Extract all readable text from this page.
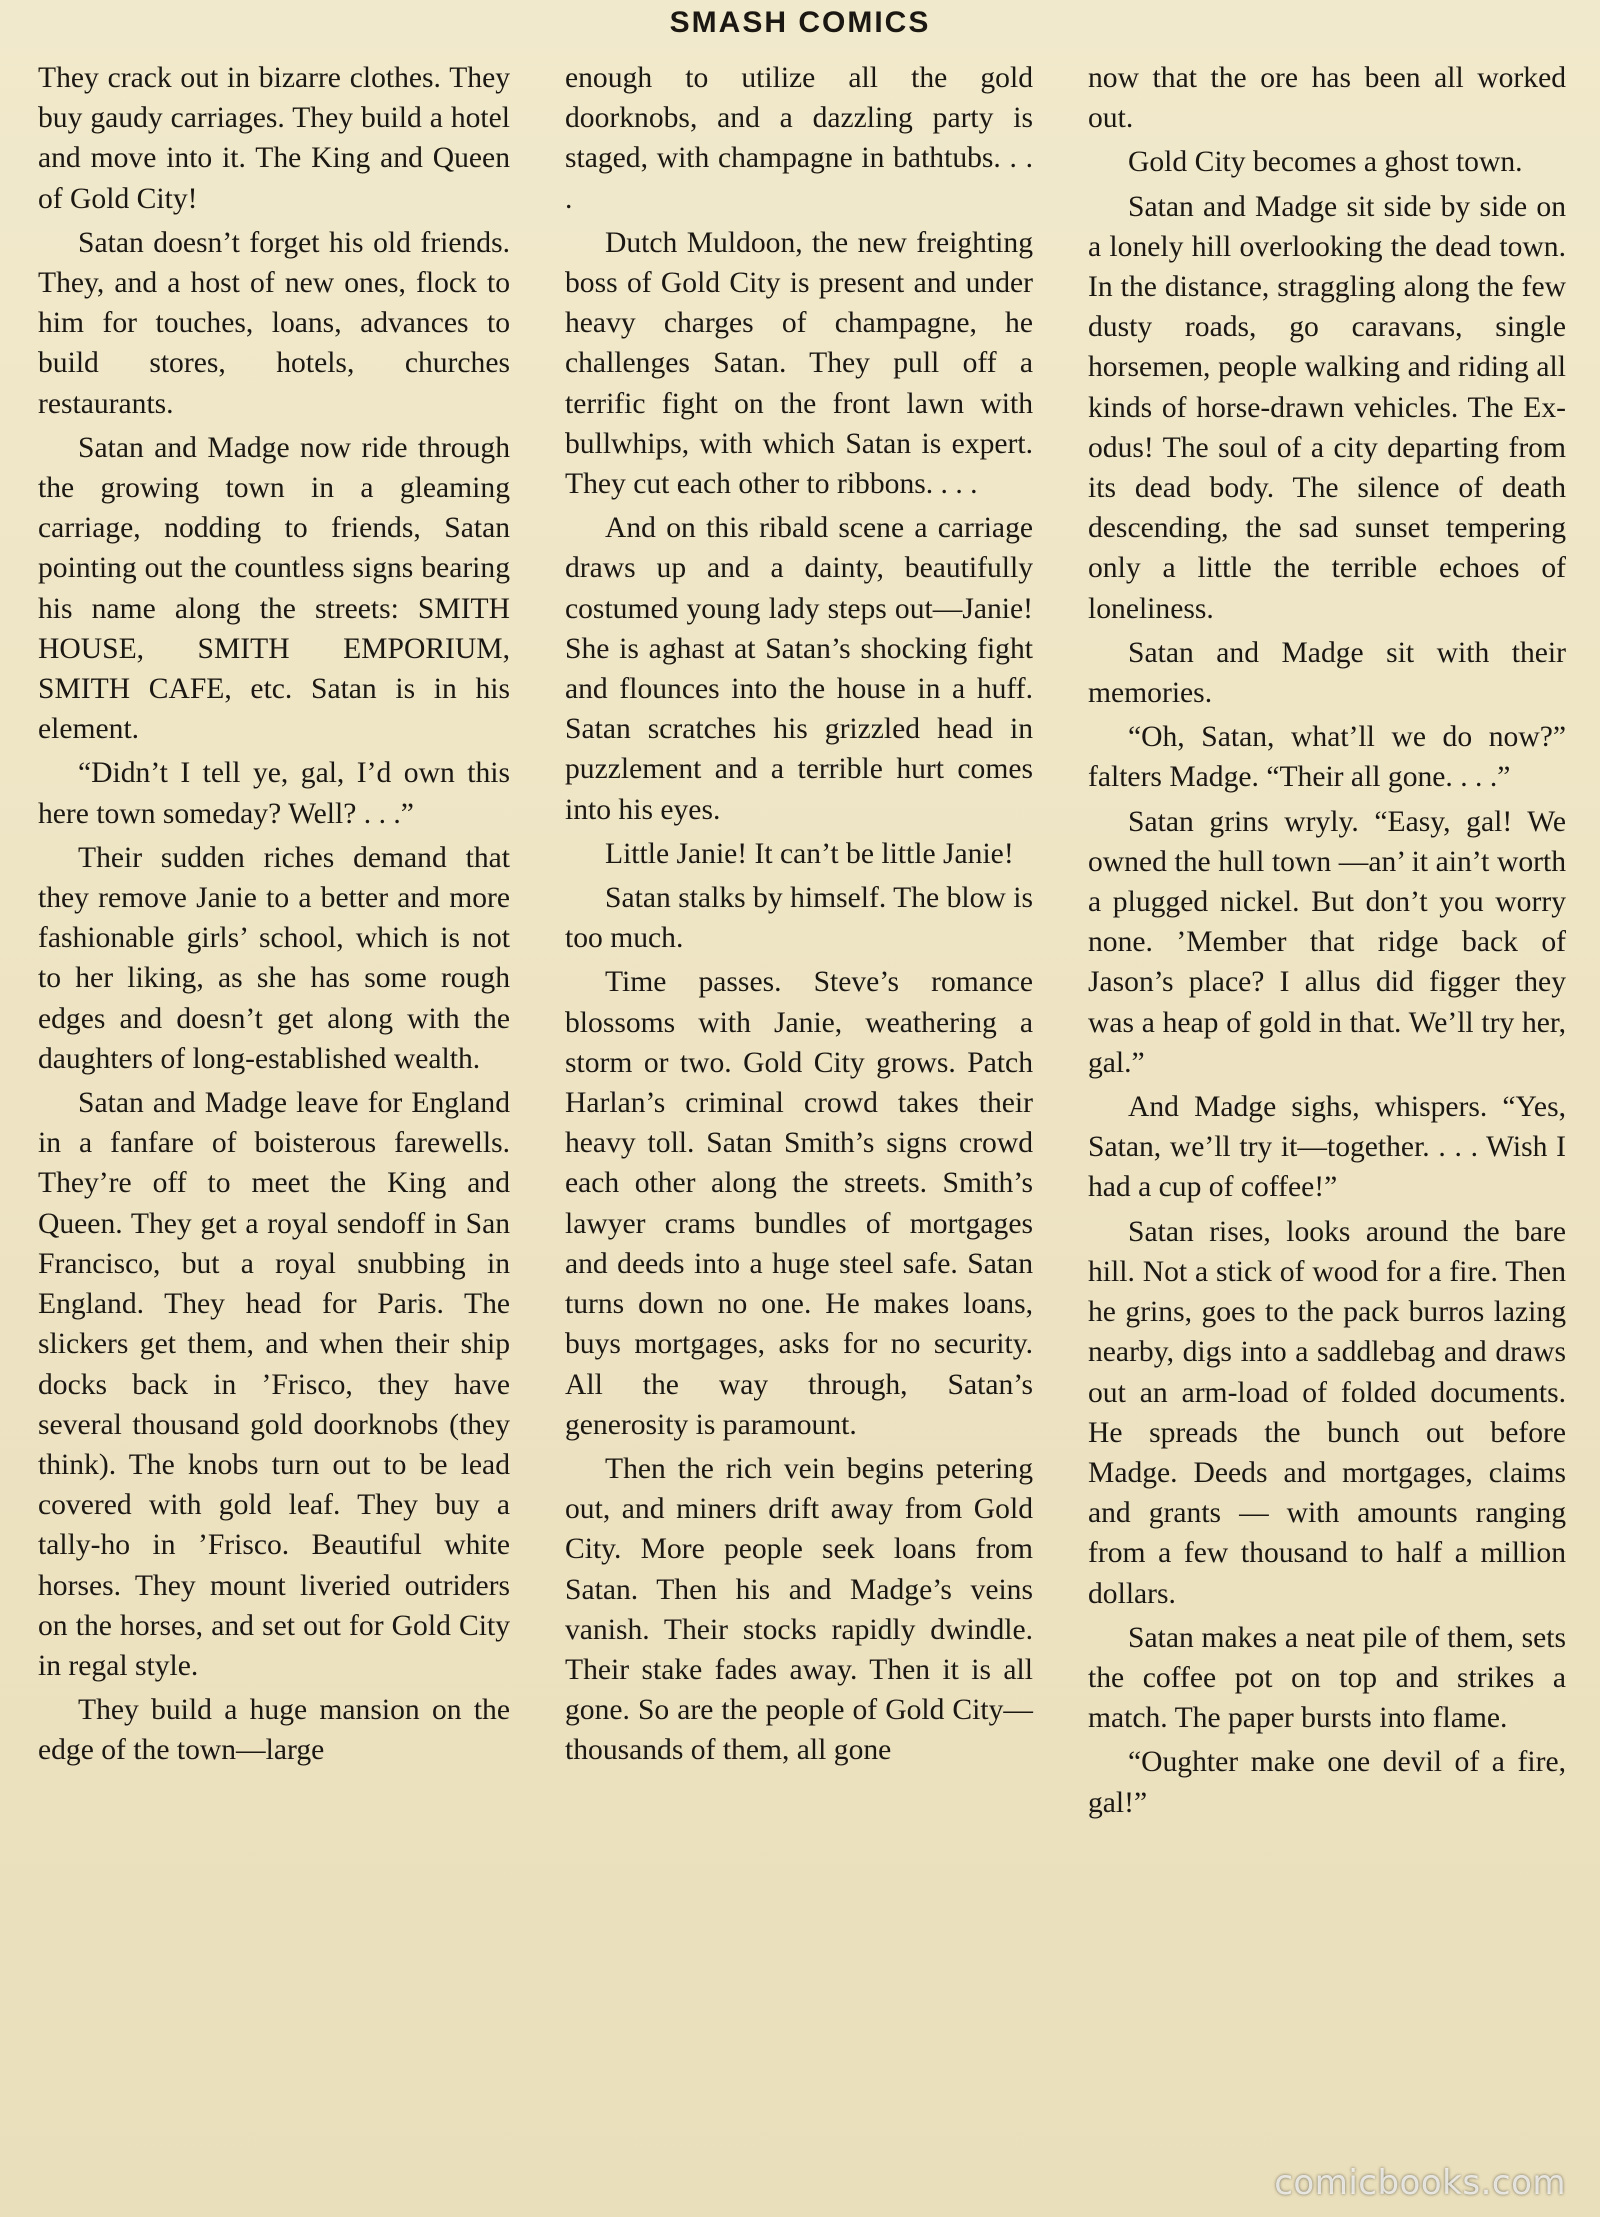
SMASH COMICS

They crack out in bizarre clothes. They buy gaudy carriages. They build a hotel and move into it. The King and Queen of Gold City!

Satan doesn’t forget his old friends. They, and a host of new ones, flock to him for touches, loans, advances to build stores, hotels, churches restaurants.

Satan and Madge now ride through the growing town in a gleaming carriage, nodding to friends, Satan pointing out the countless signs bearing his name along the streets: SMITH HOUSE, SMITH EMPORIUM, SMITH CAFE, etc. Satan is in his element.

“Didn’t I tell ye, gal, I’d own this here town someday? Well? . . .”

Their sudden riches demand that they remove Janie to a better and more fashionable girls’ school, which is not to her liking, as she has some rough edges and doesn’t get along with the daughters of long-established wealth.

Satan and Madge leave for England in a fanfare of boisterous farewells. They’re off to meet the King and Queen. They get a royal sendoff in San Francisco, but a royal snubbing in England. They head for Paris. The slickers get them, and when their ship docks back in ’Frisco, they have several thousand gold doorknobs (they think). The knobs turn out to be lead covered with gold leaf. They buy a tally-ho in ’Frisco. Beautiful white horses. They mount liveried outriders on the horses, and set out for Gold City in regal style.

They build a huge mansion on the edge of the town—large

enough to utilize all the gold doorknobs, and a dazzling party is staged, with champagne in bathtubs. . . .

Dutch Muldoon, the new freighting boss of Gold City is present and under heavy charges of champagne, he challenges Satan. They pull off a terrific fight on the front lawn with bullwhips, with which Satan is expert. They cut each other to ribbons. . . .

And on this ribald scene a carriage draws up and a dainty, beautifully costumed young lady steps out—Janie! She is aghast at Satan’s shocking fight and flounces into the house in a huff. Satan scratches his grizzled head in puzzlement and a terrible hurt comes into his eyes.

Little Janie! It can’t be little Janie!

Satan stalks by himself. The blow is too much.

Time passes. Steve’s romance blossoms with Janie, weathering a storm or two. Gold City grows. Patch Harlan’s criminal crowd takes their heavy toll. Satan Smith’s signs crowd each other along the streets. Smith’s lawyer crams bundles of mortgages and deeds into a huge steel safe. Satan turns down no one. He makes loans, buys mortgages, asks for no security. All the way through, Satan’s generosity is paramount.

Then the rich vein begins petering out, and miners drift away from Gold City. More people seek loans from Satan. Then his and Madge’s veins vanish. Their stocks rapidly dwindle. Their stake fades away. Then it is all gone. So are the people of Gold City— thousands of them, all gone

now that the ore has been all worked out.

Gold City becomes a ghost town.

Satan and Madge sit side by side on a lonely hill overlooking the dead town. In the distance, straggling along the few dusty roads, go caravans, single horsemen, people walking and riding all kinds of horse-drawn vehicles. The Exodus! The soul of a city departing from its dead body. The silence of death descending, the sad sunset tempering only a little the terrible echoes of loneliness.

Satan and Madge sit with their memories.

“Oh, Satan, what’ll we do now?” falters Madge. “Their all gone. . . .”

Satan grins wryly. “Easy, gal! We owned the hull town —an’ it ain’t worth a plugged nickel. But don’t you worry none. ’Member that ridge back of Jason’s place? I allus did figger they was a heap of gold in that. We’ll try her, gal.”

And Madge sighs, whispers. “Yes, Satan, we’ll try it—together. . . . Wish I had a cup of coffee!”

Satan rises, looks around the bare hill. Not a stick of wood for a fire. Then he grins, goes to the pack burros lazing nearby, digs into a saddlebag and draws out an arm-load of folded documents. He spreads the bunch out before Madge. Deeds and mortgages, claims and grants — with amounts ranging from a few thousand to half a million dollars.

Satan makes a neat pile of them, sets the coffee pot on top and strikes a match. The paper bursts into flame.

“Oughter make one devil of a fire, gal!”

comicbooks.com
